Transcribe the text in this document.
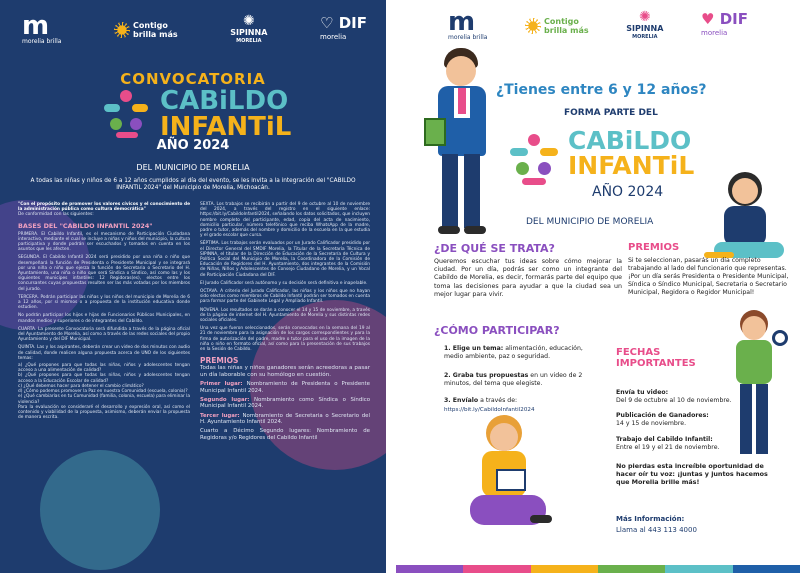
m
morelia brilla
Contigo
brilla más
✺
SIPINNA
MORELIA
♡ DIF
morelia
CONVOCATORIA
CABiLDO
INFANTiL
AÑO 2024
DEL MUNICIPIO DE MORELIA
A todas las niñas y niños de 6 a 12 años cumplidos al día del evento, se les invita a la integración del "CABILDO INFANTIL 2024" del Municipio de Morelia, Michoacán.
"Con el propósito de promover los valores cívicos y el conocimiento de la administración pública como cultura democrática"
De conformidad con las siguientes:
BASES DEL "CABILDO INFANTIL 2024"
PRIMERA. El Cabildo Infantil, es el mecanismo de Participación Ciudadana interactivo, mediante el cual se incluye a niñas y niños del municipio, la cultura participativa y donde podrán ser escuchados y tomados en cuenta en los asuntos que les afecten.
SEGUNDA. El Cabildo Infantil 2024 será presidido por una niña o niño que desempeñará la función de Presidenta o Presidente Municipal y se integrará por una niña o niño que ejerza la función de Secretaria o Secretario del H. Ayuntamiento, una niña o niño que será Síndica o Síndico, así como las y los siguientes municipes infantiles: 12 Regidoras(es), electos entre los concursantes cuyas propuestas resulten ser las más votadas por los miembros del jurado.
TERCERA. Podrán participar las niñas y los niños del municipio de Morelia de 6 a 12 años, por sí mismos o a propuesta de la institución educativa donde estudien.
No podrán participar los hijos e hijas de Funcionarios Públicos Municipales, en mandos medios y superiores o de integrantes del Cabildo.
CUARTA. La presente Convocatoria será difundida a través de la página oficial del Ayuntamiento de Morelia, así como a través de las redes sociales del propio Ayuntamiento y del DIF Municipal.
QUINTA. Las y los aspirantes, deberán crear un video de dos minutos con audio de calidad, donde realicen alguna propuesta acerca de UNO de los siguientes temas:
a) ¿Qué propones para que todas las niñas, niños y adolescentes tengan acceso a una alimentación de calidad?
b) ¿Qué propones para que todas las niñas, niños y adolescentes tengan acceso a la Educación Escolar de calidad?
c) ¿Qué debemos hacer para detener el cambio climático?
d) ¿Cómo podemos promover la Paz en nuestra Comunidad (escuela, colonia)?
e) ¿Qué cambiarías en tu Comunidad (familia, colonia, escuela) para eliminar la violencia?
Para la evaluación se consideraré el desarrollo y expresión oral, así como el contenido y viabilidad de la propuesta, asimismo, deberán enviar la propuesta de manera escrita.
SEXTA. Los trabajos se recibirán a partir del 9 de octubre al 10 de noviembre del 2024, a través del registro en el siguiente enlace: https://bit.ly/CabildoInfantil2024, señalando los datos solicitados, que incluyen nombre completo del participante, edad, copia del acta de nacimiento, domicilio particular, número telefónico que reciba WhatsApp de la madre, padre o tutor, además del nombre y domicilio de la escuela en la que estudia y el grado escolar que cursa.
SÉPTIMA. Los trabajos serán evaluados por un Jurado Calificador presidido por el Director General del SMDIF Morelia, la Titular de la Secretaría Técnica de SIPINNA, el titular de la Dirección de Educación de la Secretaría de Cultura y Política Social del Municipio de Morelia, la Coordinadora de la Comisión de Educación de Regidores del H. Ayuntamiento, dos integrantes de la Comisión de Niñas, Niños y Adolescentes de Consejo Ciudadano de Morelia, y un Vocal de Participación Ciudadana del DIF.
El Jurado Calificador será autónomo y su decisión será definitiva e inapelable.
OCTAVA. A criterio del Jurado Calificador, las niñas y los niños que no hayan sido electos como miembros de Cabildo Infantil podrán ser tomados en cuenta para formar parte del Gabinete Legal y Ampliado Infantil.
NOVENA. Los resultados se darán a conocer el 14 y 15 de noviembre, a través de la página de internet del H. Ayuntamiento de Morelia y sus distintas redes sociales oficiales.
Una vez que fueron seleccionados, serán convocados en la semana del 19 al 21 de noviembre para la asignación de los cargos correspondientes y para la firma de autorización del padre, madre o tutor para el uso de la imagen de la niña o niño en formato oficial, así como para la presentación de sus trabajos en la Sesión de Cabildo.
PREMIOS
Todas las niñas y niños ganadores serán acreedoras a pasar un día laborable con su homólogo en cuestión.
Primer lugar: Nombramiento de Presidenta o Presidente Municipal Infantil 2024.
Segundo lugar: Nombramiento como Síndica o Síndico Municipal Infantil 2024.
Tercer lugar: Nombramiento de Secretaria o Secretario del H. Ayuntamiento Infantil 2024.
Cuarto a Décimo Segundo lugares: Nombramiento de Regidoras y/o Regidores del Cabildo Infantil
m
morelia brilla
Contigo
brilla más
✺
SIPINNA
MORELIA
♥ DIF
morelia
¿Tienes entre 6 y 12 años?
FORMA PARTE DEL
CABiLDO
INFANTiL
AÑO 2024
DEL MUNICIPIO DE MORELIA
¿DE QUÉ SE TRATA?
Queremos escuchar tus ideas sobre cómo mejorar la ciudad. Por un día, podrás ser como un integrante del Cabildo de Morelia, es decir, formarás parte del equipo que toma las decisiones para ayudar a que la ciudad sea un mejor lugar para vivir.
PREMIOS
Si te seleccionan, pasarás un día completo trabajando al lado del funcionario que representas. ¡Por un día serás Presidenta o Presidente Municipal, Síndica o Síndico Municipal, Secretaria o Secretario Municipal, Regidora o Regidor Municipal!
¿CÓMO PARTICIPAR?
1. Elige un tema: alimentación, educación, medio ambiente, paz o seguridad.
2. Graba tus propuestas en un video de 2 minutos, del tema que elegiste.
3. Envíalo a través de:
https://bit.ly/CabildoInfantil2024
FECHAS
IMPORTANTES
Envía tu video:
Del 9 de octubre al 10 de noviembre.
Publicación de Ganadores:
14 y 15 de noviembre.
Trabajo del Cabildo Infantil:
Entre el 19 y el 21 de noviembre.
No pierdas esta increíble oportunidad de hacer oír tu voz: ¡juntas y juntos hacemos que Morelia brille más!
Más Información:
Llama al 443 113 4000
